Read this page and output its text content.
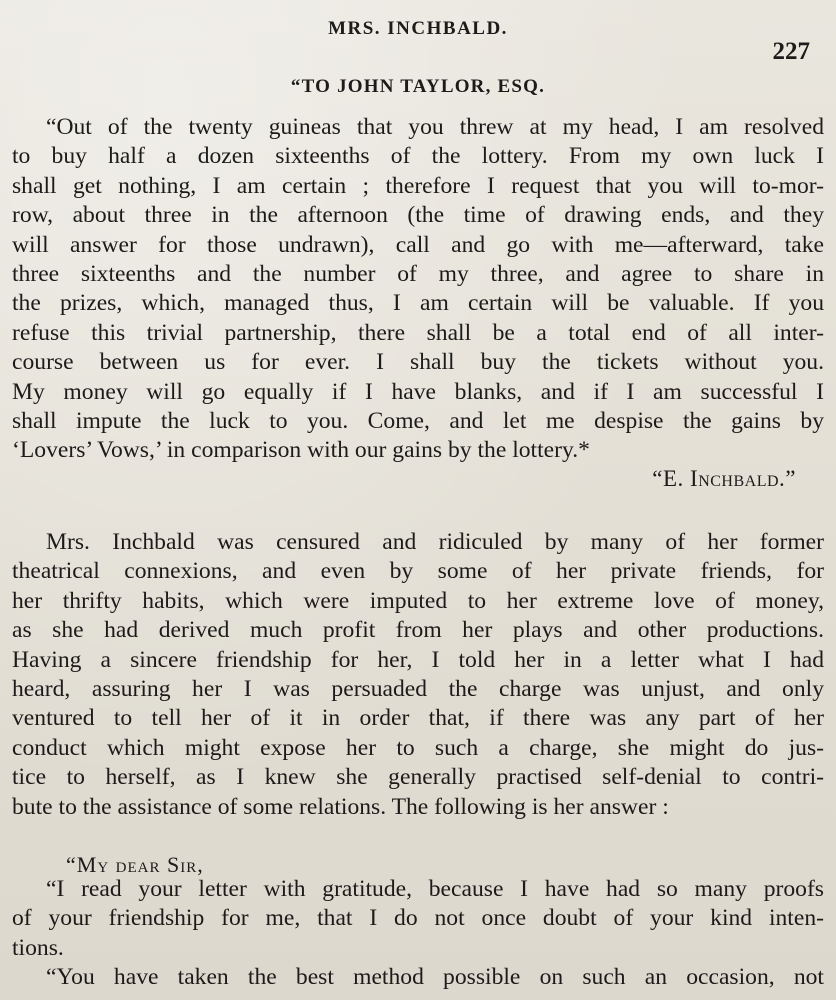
MRS. INCHBALD.
227
“TO JOHN TAYLOR, ESQ.
“Out of the twenty guineas that you threw at my head, I am resolved
to buy half a dozen sixteenths of the lottery. From my own luck I
shall get nothing, I am certain ; therefore I request that you will to-mor-
row, about three in the afternoon (the time of drawing ends, and they
will answer for those undrawn), call and go with me—afterward, take
three sixteenths and the number of my three, and agree to share in
the prizes, which, managed thus, I am certain will be valuable. If you
refuse this trivial partnership, there shall be a total end of all inter-
course between us for ever. I shall buy the tickets without you.
My money will go equally if I have blanks, and if I am successful I
shall impute the luck to you. Come, and let me despise the gains by
‘Lovers’ Vows,’ in comparison with our gains by the lottery.*
“E. Inchbald.”
Mrs. Inchbald was censured and ridiculed by many of her former
theatrical connexions, and even by some of her private friends, for
her thrifty habits, which were imputed to her extreme love of money,
as she had derived much profit from her plays and other productions.
Having a sincere friendship for her, I told her in a letter what I had
heard, assuring her I was persuaded the charge was unjust, and only
ventured to tell her of it in order that, if there was any part of her
conduct which might expose her to such a charge, she might do jus-
tice to herself, as I knew she generally practised self-denial to contri-
bute to the assistance of some relations. The following is her answer :
“My dear Sir,
“I read your letter with gratitude, because I have had so many proofs
of your friendship for me, that I do not once doubt of your kind inten-
tions.
“You have taken the best method possible on such an occasion, not
